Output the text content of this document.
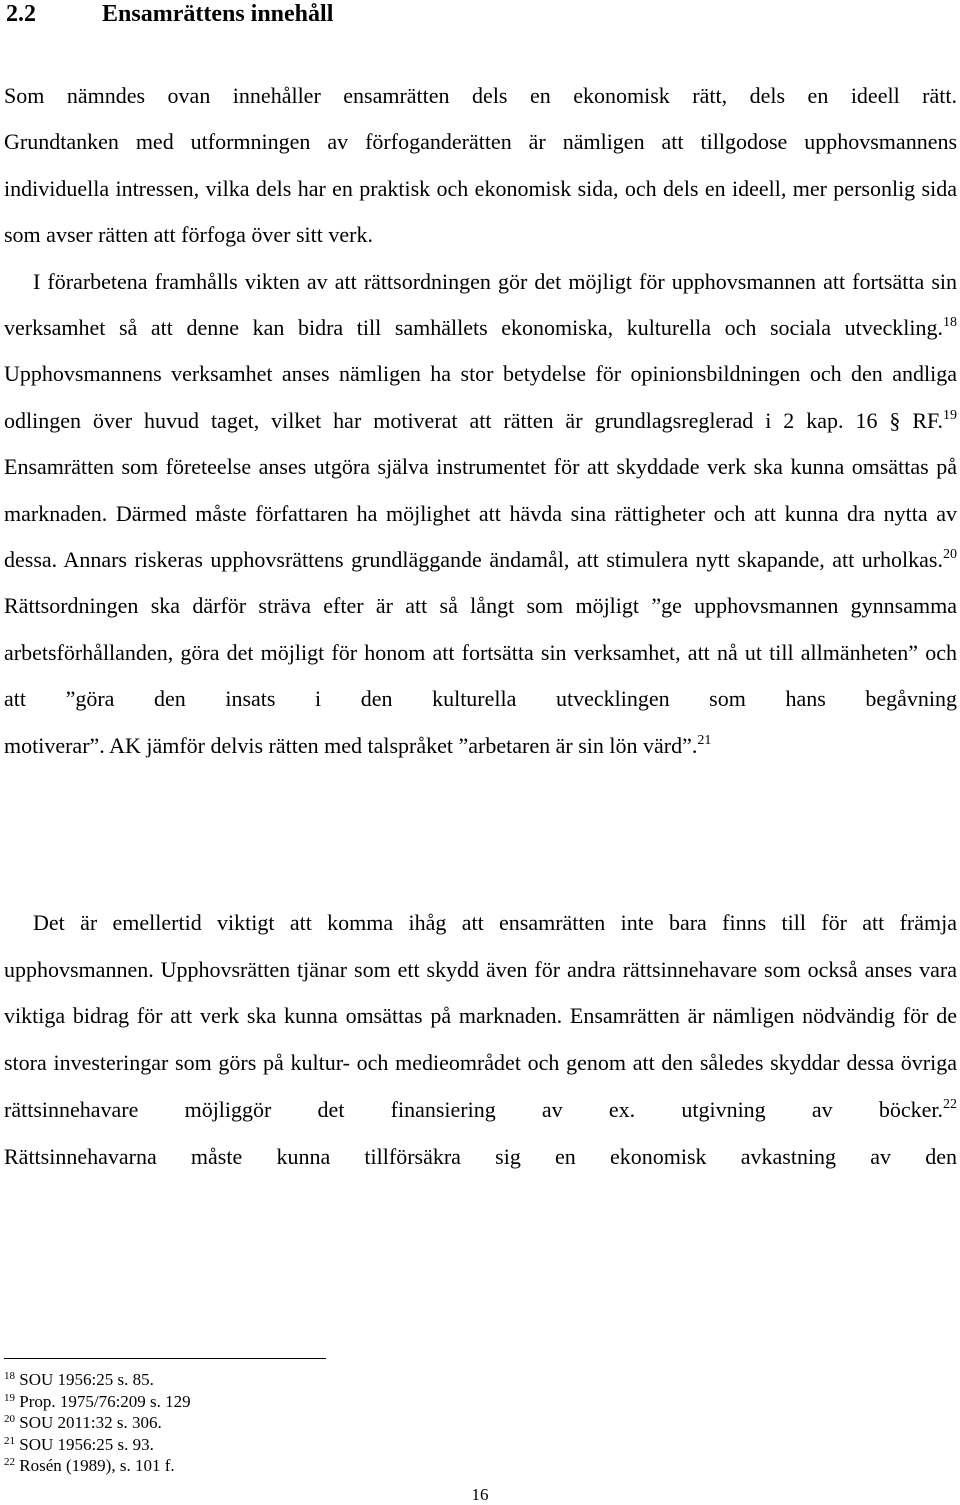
2.2	Ensamrättens innehåll
Som nämndes ovan innehåller ensamrätten dels en ekonomisk rätt, dels en ideell rätt.
Grundtanken med utformningen av förfoganderätten är nämligen att tillgodose upphovsmannens individuella intressen, vilka dels har en praktisk och ekonomisk sida, och dels en ideell, mer personlig sida som avser rätten att förfoga över sitt verk.
I förarbetena framhålls vikten av att rättsordningen gör det möjligt för upphovsmannen att fortsätta sin verksamhet så att denne kan bidra till samhällets ekonomiska, kulturella och sociala utveckling.$^{18}$ Upphovsmannens verksamhet anses nämligen ha stor betydelse för opinionsbildningen och den andliga odlingen över huvud taget, vilket har motiverat att rätten är grundlagsreglerad i 2 kap. 16 § RF.$^{19}$ Ensamrätten som företeelse anses utgöra själva instrumentet för att skyddade verk ska kunna omsättas på marknaden. Därmed måste författaren ha möjlighet att hävda sina rättigheter och att kunna dra nytta av dessa. Annars riskeras upphovsrättens grundläggande ändamål, att stimulera nytt skapande, att urholkas.$^{20}$ Rättsordningen ska därför sträva efter är att så långt som möjligt ”ge upphovsmannen gynnsamma arbetsförhållanden, göra det möjligt för honom att fortsätta sin verksamhet, att nå ut till allmänheten” och att ”göra den insats i den kulturella utvecklingen som hans begåvning
motiverar”. AK jämför delvis rätten med talspråket ”arbetaren är sin lön värd”.$^{21}$
Det är emellertid viktigt att komma ihåg att ensamrätten inte bara finns till för att främja upphovsmannen. Upphovsrätten tjänar som ett skydd även för andra rättsinnehavare som också anses vara viktiga bidrag för att verk ska kunna omsättas på marknaden. Ensamrätten är nämligen nödvändig för de stora investeringar som görs på kultur- och medieområdet och genom att den således skyddar dessa övriga rättsinnehavare möjliggör det finansiering av ex. utgivning av böcker.$^{22}$
Rättsinnehavarna måste kunna tillförsäkra sig en ekonomisk avkastning av den
$^{18}$ SOU 1956:25 s. 85.
$^{19}$ Prop. 1975/76:209 s. 129
$^{20}$ SOU 2011:32 s. 306.
$^{21}$ SOU 1956:25 s. 93.
$^{22}$ Rosén (1989), s. 101 f.
16
